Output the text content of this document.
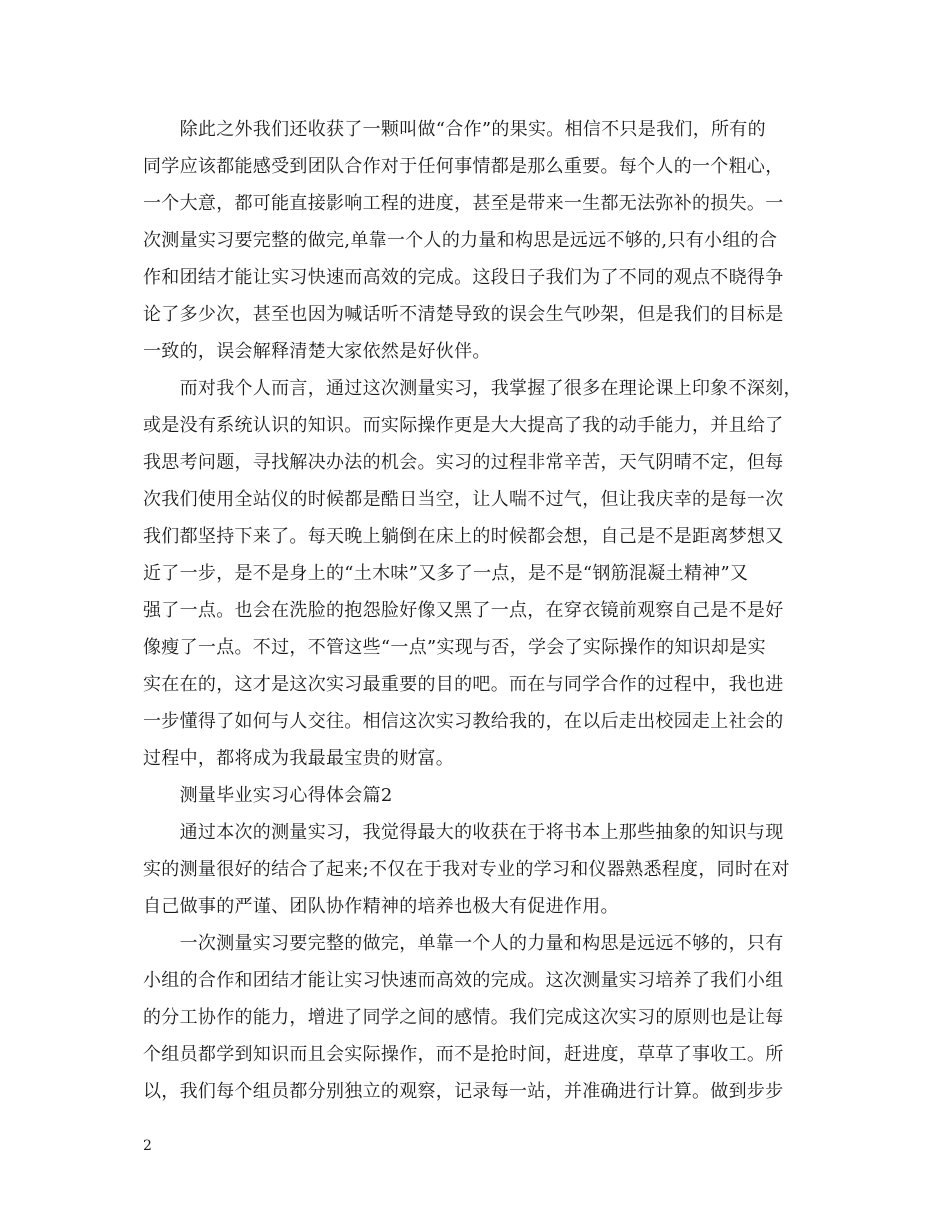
　　除此之外我们还收获了一颗叫做“合作”的果实。相信不只是我们，所有的
同学应该都能感受到团队合作对于任何事情都是那么重要。每个人的一个粗心，
一个大意，都可能直接影响工程的进度，甚至是带来一生都无法弥补的损失。一
次测量实习要完整的做完,单靠一个人的力量和构思是远远不够的,只有小组的合
作和团结才能让实习快速而高效的完成。这段日子我们为了不同的观点不晓得争
论了多少次，甚至也因为喊话听不清楚导致的误会生气吵架，但是我们的目标是
一致的，误会解释清楚大家依然是好伙伴。
　　而对我个人而言，通过这次测量实习，我掌握了很多在理论课上印象不深刻，
或是没有系统认识的知识。而实际操作更是大大提高了我的动手能力，并且给了
我思考问题，寻找解决办法的机会。实习的过程非常辛苦，天气阴晴不定，但每
次我们使用全站仪的时候都是酷日当空，让人喘不过气，但让我庆幸的是每一次
我们都坚持下来了。每天晚上躺倒在床上的时候都会想，自己是不是距离梦想又
近了一步，是不是身上的“土木味”又多了一点，是不是“钢筋混凝土精神”又
强了一点。也会在洗脸的抱怨脸好像又黑了一点，在穿衣镜前观察自己是不是好
像瘦了一点。不过，不管这些“一点”实现与否，学会了实际操作的知识却是实
实在在的，这才是这次实习最重要的目的吧。而在与同学合作的过程中，我也进
一步懂得了如何与人交往。相信这次实习教给我的，在以后走出校园走上社会的
过程中，都将成为我最最宝贵的财富。
　　测量毕业实习心得体会篇2
　　通过本次的测量实习，我觉得最大的收获在于将书本上那些抽象的知识与现
实的测量很好的结合了起来;不仅在于我对专业的学习和仪器熟悉程度，同时在对
自己做事的严谨、团队协作精神的培养也极大有促进作用。
　　一次测量实习要完整的做完，单靠一个人的力量和构思是远远不够的，只有
小组的合作和团结才能让实习快速而高效的完成。这次测量实习培养了我们小组
的分工协作的能力，增进了同学之间的感情。我们完成这次实习的原则也是让每
个组员都学到知识而且会实际操作，而不是抢时间，赶进度，草草了事收工。所
以，我们每个组员都分别独立的观察，记录每一站，并准确进行计算。做到步步
2
